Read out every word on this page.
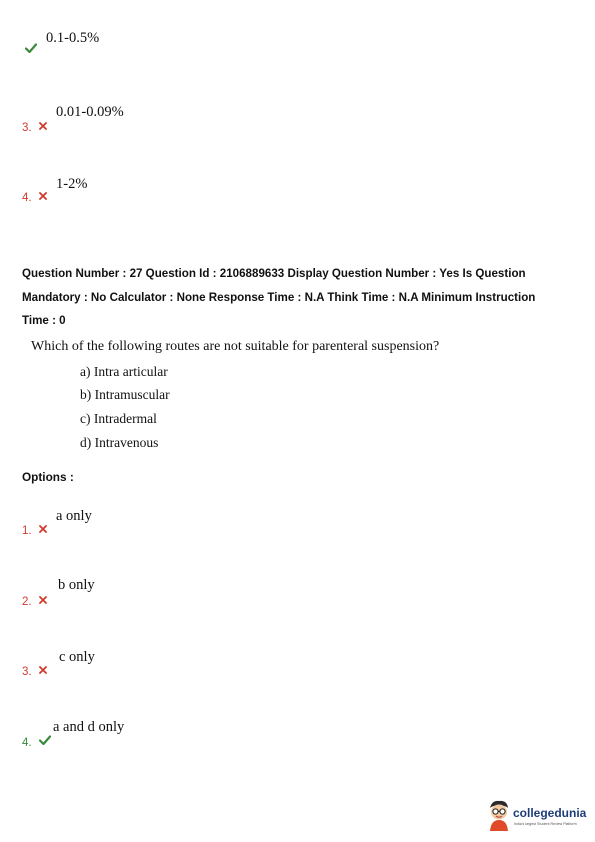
0.1-0.5%
$_{3.}$
0.01-0.09%
$_{4.}$
1-2%
Question Number : 27 Question Id : 2106889633 Display Question Number : Yes Is Question
Mandatory : No Calculator : None Response Time : N.A Think Time : N.A Minimum Instruction
Time : 0
Which of the following routes are not suitable for parenteral suspension?
a) Intra articular
b) Intramuscular
c) Intradermal
d) Intravenous
Options :
$_{1.}$
a only
$_{2.}$
b only
$_{3.}$
c only
$_{4.}$
a and d only
collegedunia
India's largest Student Review Platform
